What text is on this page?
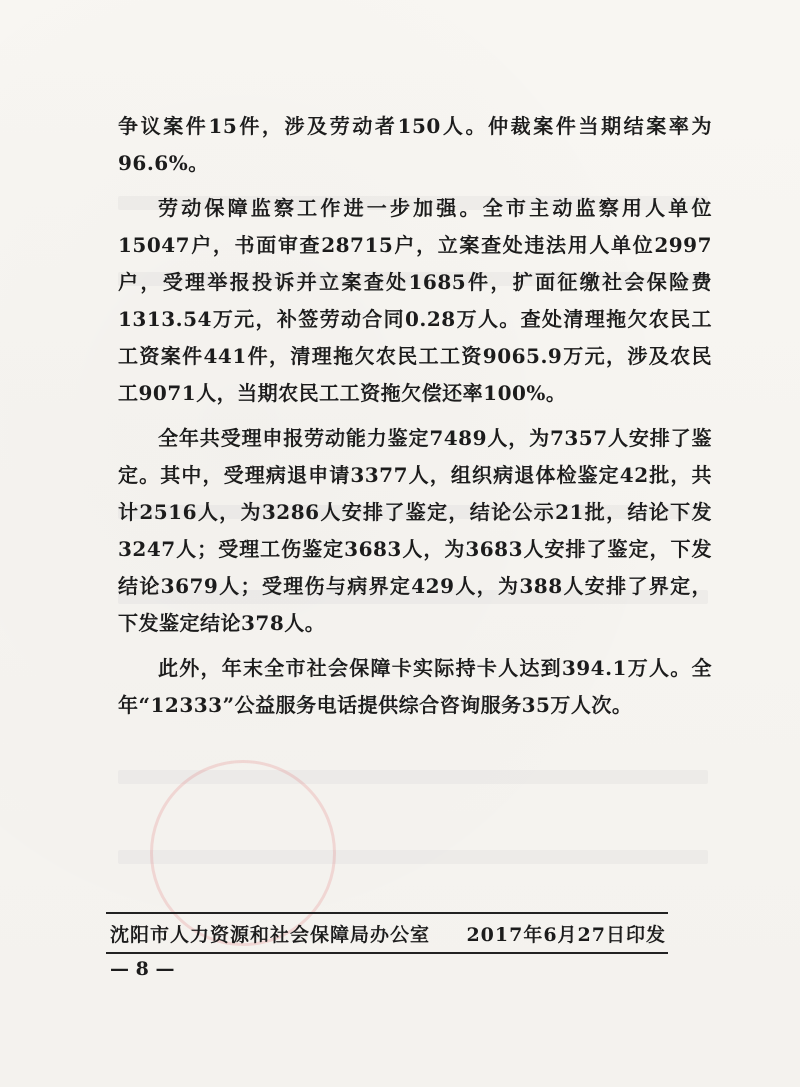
争议案件15件，涉及劳动者150人。仲裁案件当期结案率为96.6%。

劳动保障监察工作进一步加强。全市主动监察用人单位15047户，书面审查28715户，立案查处违法用人单位2997户，受理举报投诉并立案查处1685件，扩面征缴社会保险费1313.54万元，补签劳动合同0.28万人。查处清理拖欠农民工工资案件441件，清理拖欠农民工工资9065.9万元，涉及农民工9071人，当期农民工工资拖欠偿还率100%。

全年共受理申报劳动能力鉴定7489人，为7357人安排了鉴定。其中，受理病退申请3377人，组织病退体检鉴定42批，共计2516人，为3286人安排了鉴定，结论公示21批，结论下发3247人；受理工伤鉴定3683人，为3683人安排了鉴定，下发结论3679人；受理伤与病界定429人，为388人安排了界定，下发鉴定结论378人。

此外，年末全市社会保障卡实际持卡人达到394.1万人。全年“12333”公益服务电话提供综合咨询服务35万人次。

沈阳市人力资源和社会保障局办公室 2017年6月27日印发
— 8 —
